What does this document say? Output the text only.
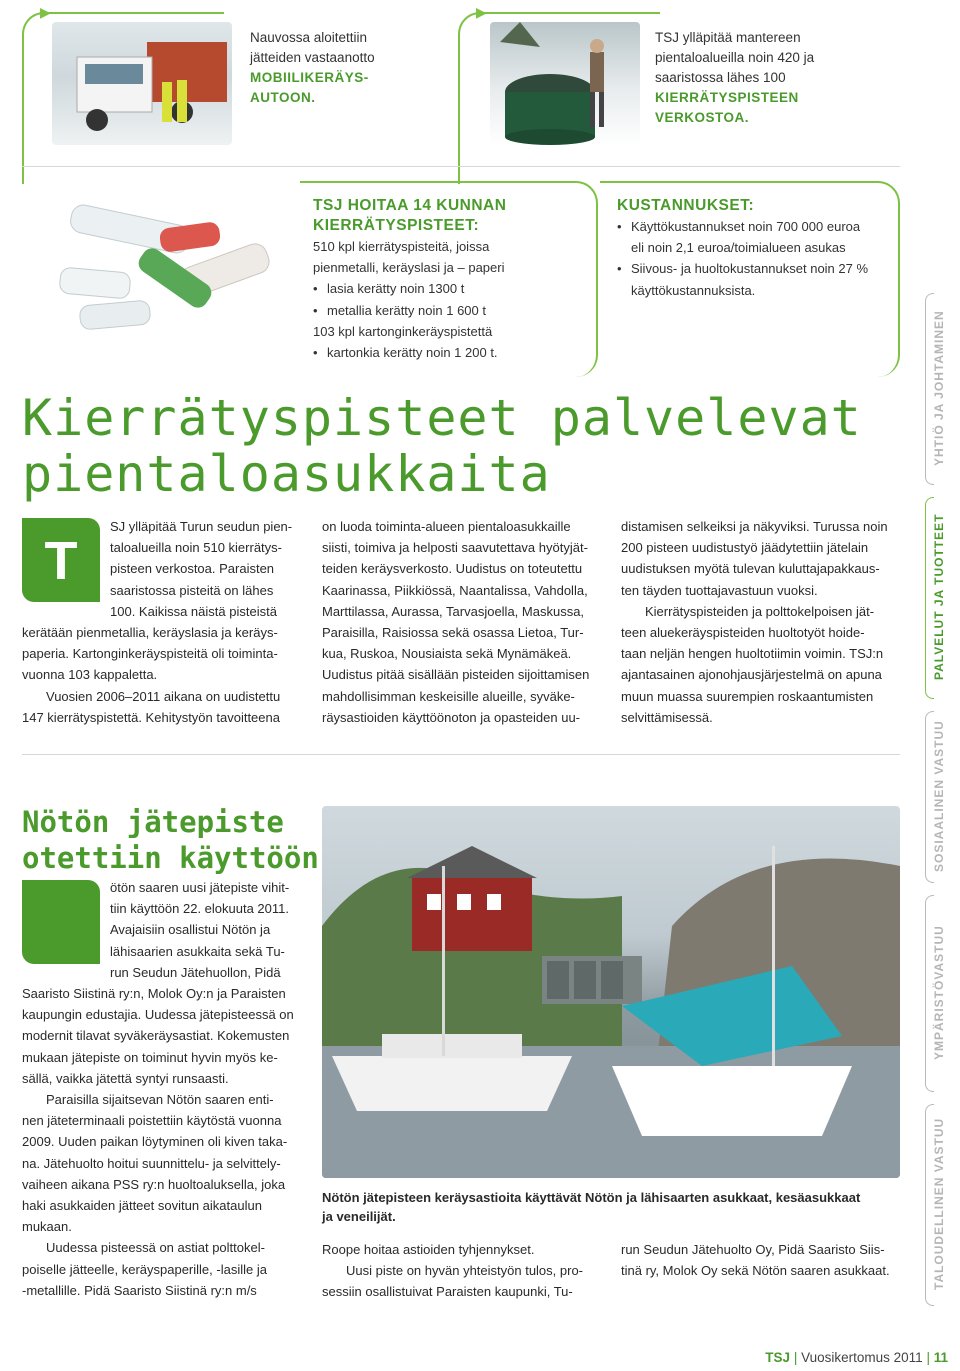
▶
Nauvossa aloitettiin
jätteiden vastaanotto
MOBIILIKERÄYS-
AUTOON.
▶
TSJ ylläpitää mantereen
pientaloalueilla noin 420 ja
saaristossa lähes 100
KIERRÄTYSPISTEEN
VERKOSTOA.
TSJ HOITAA 14 KUNNAN
KIERRÄTYSPISTEET:
510 kpl kierrätyspisteitä, joissa
pienmetalli, keräyslasi ja – paperi
• lasia kerätty noin 1300 t
• metallia kerätty noin 1 600 t
103 kpl kartonginkeräyspistettä
• kartonkia kerätty noin 1 200 t.
KUSTANNUKSET:
• Käyttökustannukset noin 700 000 euroa
eli noin 2,1 euroa/toimialueen asukas
• Siivous- ja huoltokustannukset noin 27 %
käyttökustannuksista.
Kierrätyspisteet palvelevat
pientaloasukkaita
T
SJ ylläpitää Turun seudun pien-
taloalueilla noin 510 kierrätys-
pisteen verkostoa. Paraisten
saaristossa pisteitä on lähes
100. Kaikissa näistä pisteistä
kerätään pienmetallia, keräyslasia ja keräys-
paperia. Kartonginkeräyspisteitä oli toiminta-
vuonna 103 kappaletta.
Vuosien 2006–2011 aikana on uudistettu
147 kierrätyspistettä. Kehitystyön tavoitteena
on luoda toiminta-alueen pientaloasukkaille
siisti, toimiva ja helposti saavutettava hyötyjät-
teiden keräysverkosto. Uudistus on toteutettu
Kaarinassa, Piikkiössä, Naantalissa, Vahdolla,
Marttilassa, Aurassa, Tarvasjoella, Maskussa,
Paraisilla, Raisiossa sekä osassa Lietoa, Tur-
kua, Ruskoa, Nousiaista sekä Mynämäkeä.
Uudistus pitää sisällään pisteiden sijoittamisen
mahdollisimman keskeisille alueille, syväke-
räysastioiden käyttöönoton ja opasteiden uu-
distamisen selkeiksi ja näkyviksi. Turussa noin
200 pisteen uudistustyö jäädytettiin jätelain
uudistuksen myötä tulevan kuluttajapakkaus-
ten täyden tuottajavastuun vuoksi.
Kierrätyspisteiden ja polttokelpoisen jät-
teen aluekeräyspisteiden huoltotyöt hoide-
taan neljän hengen huoltotiimin voimin. TSJ:n
ajantasainen ajonohjausjärjestelmä on apuna
muun muassa suurempien roskaantumisten
selvittämisessä.
Nötön jätepiste
otettiin käyttöön
N
ötön saaren uusi jätepiste vihit-
tiin käyttöön 22. elokuuta 2011.
Avajaisiin osallistui Nötön ja
lähisaarien asukkaita sekä Tu-
run Seudun Jätehuollon, Pidä
Saaristo Siistinä ry:n, Molok Oy:n ja Paraisten
kaupungin edustajia. Uudessa jätepisteessä on
modernit tilavat syväkeräysastiat. Kokemusten
mukaan jätepiste on toiminut hyvin myös ke-
sällä, vaikka jätettä syntyi runsaasti.
Paraisilla sijaitsevan Nötön saaren enti-
nen jäteterminaali poistettiin käytöstä vuonna
2009. Uuden paikan löytyminen oli kiven taka-
na. Jätehuolto hoitui suunnittelu- ja selvittely-
vaiheen aikana PSS ry:n huoltoaluksella, joka
haki asukkaiden jätteet sovitun aikataulun
mukaan.
Uudessa pisteessä on astiat polttokel-
poiselle jätteelle, keräyspaperille, -lasille ja
-metallille. Pidä Saaristo Siistinä ry:n m/s
Nötön jätepisteen keräysastioita käyttävät Nötön ja lähisaarten asukkaat, kesäasukkaat
ja veneilijät.
Roope hoitaa astioiden tyhjennykset.
Uusi piste on hyvän yhteistyön tulos, pro-
sessiin osallistuivat Paraisten kaupunki, Tu-
run Seudun Jätehuolto Oy, Pidä Saaristo Siis-
tinä ry, Molok Oy sekä Nötön saaren asukkaat.
YHTIÖ JA JOHTAMINEN
PALVELUT JA TUOTTEET
SOSIAALINEN VASTUU
YMPÄRISTÖVASTUU
TALOUDELLINEN VASTUU
TSJ | Vuosikertomus 2011 | 11
